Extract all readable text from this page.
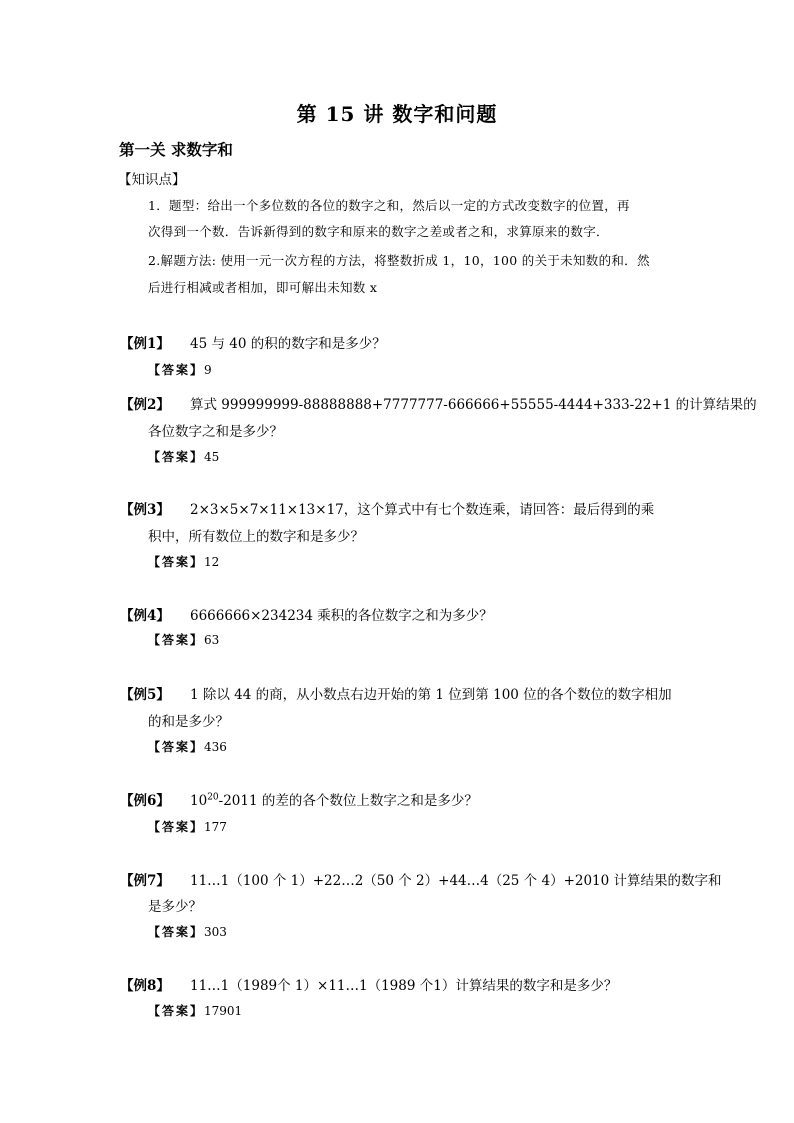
第 15 讲 数字和问题
第一关 求数字和
【知识点】
1．题型：给出一个多位数的各位的数字之和，然后以一定的方式改变数字的位置，再
次得到一个数．告诉新得到的数字和原来的数字之差或者之和，求算原来的数字．
2.解题方法: 使用一元一次方程的方法，将整数折成 1，10，100 的关于未知数的和．然
后进行相减或者相加，即可解出未知数 x
【例1】 45 与 40 的积的数字和是多少？
【答案】9
【例2】 算式 999999999-88888888+7777777-666666+55555-4444+333-22+1 的计算结果的
各位数字之和是多少？
【答案】45
【例3】 2×3×5×7×11×13×17，这个算式中有七个数连乘，请回答：最后得到的乘
积中，所有数位上的数字和是多少？
【答案】12
【例4】 6666666×234234 乘积的各位数字之和为多少？
【答案】63
【例5】 1 除以 44 的商，从小数点右边开始的第 1 位到第 100 位的各个数位的数字相加
的和是多少？
【答案】436
【例6】 $10^{20}-2011$ 的差的各个数位上数字之和是多少？
【答案】177
【例7】 11…1（100 个 1）+22…2（50 个 2）+44…4（25 个 4）+2010 计算结果的数字和
是多少？
【答案】303
【例8】 11…1（1989个 1）×11…1（1989 个1）计算结果的数字和是多少？
【答案】17901
